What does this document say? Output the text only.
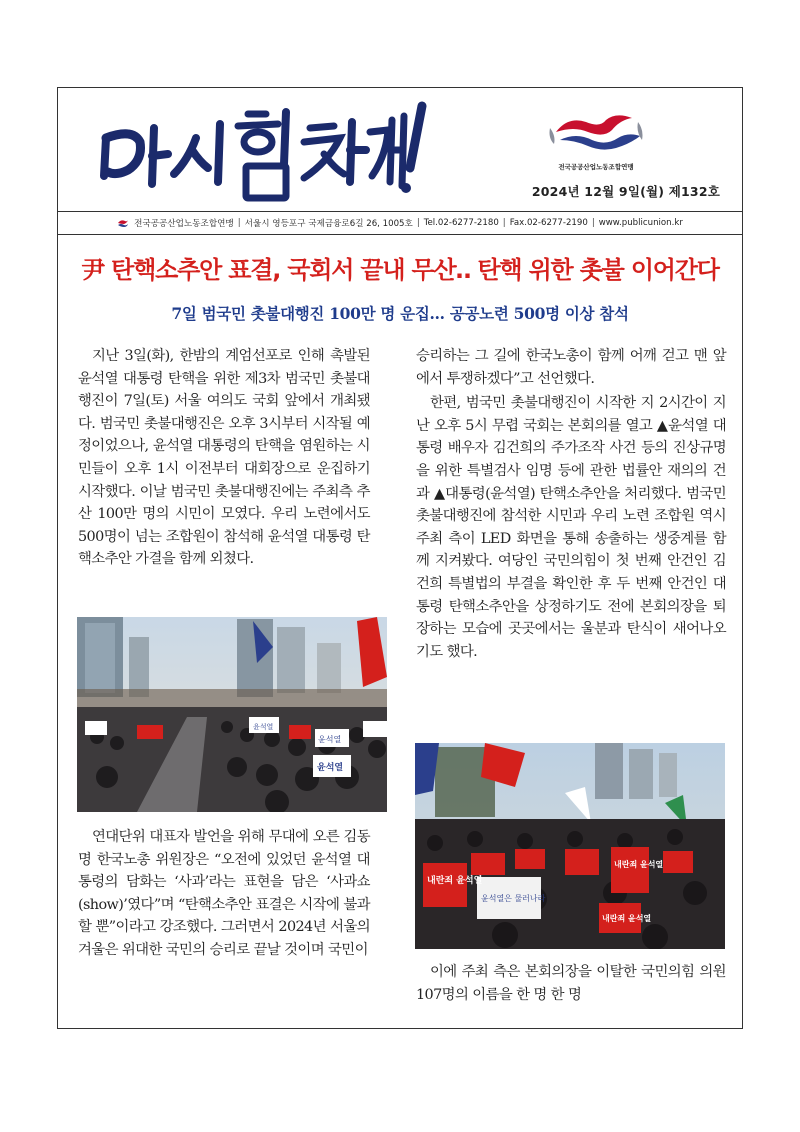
다시 힘차게!
전국공공산업노동조합연맹
2024년 12월 9일(월) 제132호
전국공공산업노동조합연맹 | 서울시 영등포구 국제금융로6길 26, 1005호 | Tel.02-6277-2180 | Fax.02-6277-2190 | www.publicunion.kr
尹 탄핵소추안 표결, 국회서 끝내 무산‥ 탄핵 위한 촛불 이어간다
7일 범국민 촛불대행진 100만 명 운집… 공공노련 500명 이상 참석

지난 3일(화), 한밤의 계엄선포로 인해 촉발된 윤석열 대통령 탄핵을 위한 제3차 범국민 촛불대행진이 7일(토) 서울 여의도 국회 앞에서 개최됐다. 범국민 촛불대행진은 오후 3시부터 시작될 예정이었으나, 윤석열 대통령의 탄핵을 염원하는 시민들이 오후 1시 이전부터 대회장으로 운집하기 시작했다. 이날 범국민 촛불대행진에는 주최측 추산 100만 명의 시민이 모였다. 우리 노련에서도 500명이 넘는 조합원이 참석해 윤석열 대통령 탄핵소추안 가결을 함께 외쳤다.

윤석열
윤석열
윤석열

연대단위 대표자 발언을 위해 무대에 오른 김동명 한국노총 위원장은 “오전에 있었던 윤석열 대통령의 담화는 ‘사과’라는 표현을 담은 ‘사과쇼(show)’였다”며 “탄핵소추안 표결은 시작에 불과할 뿐”이라고 강조했다. 그러면서 2024년 서울의 겨울은 위대한 국민의 승리로 끝날 것이며 국민이

승리하는 그 길에 한국노총이 함께 어깨 걷고 맨 앞에서 투쟁하겠다”고 선언했다.

한편, 범국민 촛불대행진이 시작한 지 2시간이 지난 오후 5시 무렵 국회는 본회의를 열고 ▲윤석열 대통령 배우자 김건희의 주가조작 사건 등의 진상규명을 위한 특별검사 임명 등에 관한 법률안 재의의 건과 ▲대통령(윤석열) 탄핵소추안을 처리했다. 범국민 촛불대행진에 참석한 시민과 우리 노련 조합원 역시 주최 측이 LED 화면을 통해 송출하는 생중계를 함께 지켜봤다. 여당인 국민의힘이 첫 번째 안건인 김건희 특별법의 부결을 확인한 후 두 번째 안건인 대통령 탄핵소추안을 상정하기도 전에 본회의장을 퇴장하는 모습에 곳곳에서는 울분과 탄식이 새어나오기도 했다.

내란죄 윤석열
윤석열은 물러나라
내란죄 윤석열
내란죄 윤석열

이에 주최 측은 본회의장을 이탈한 국민의힘 의원 107명의 이름을 한 명 한 명
